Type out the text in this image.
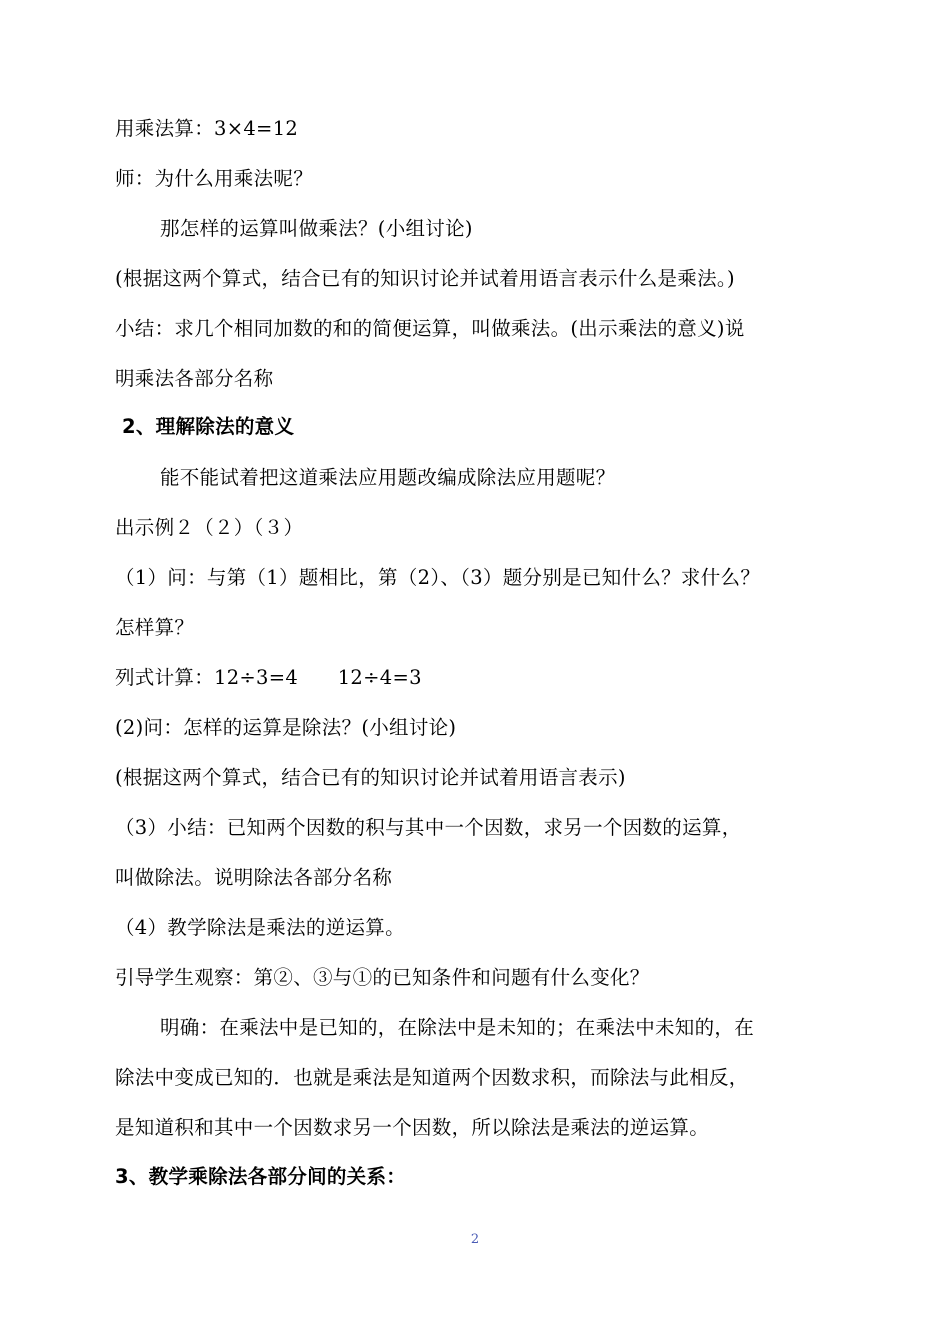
用乘法算：3×4=12
师：为什么用乘法呢？
那怎样的运算叫做乘法？(小组讨论)
(根据这两个算式，结合已有的知识讨论并试着用语言表示什么是乘法。)
小结：求几个相同加数的和的简便运算，叫做乘法。(出示乘法的意义)说
明乘法各部分名称
2、理解除法的意义
能不能试着把这道乘法应用题改编成除法应用题呢？
出示例２（２）（３）
（1）问：与第（1）题相比，第（2）、（3）题分别是已知什么？求什么？
怎样算？
列式计算：12÷3=4　　12÷4=3
(2)问：怎样的运算是除法？(小组讨论)
(根据这两个算式，结合已有的知识讨论并试着用语言表示)
（3）小结：已知两个因数的积与其中一个因数，求另一个因数的运算，
叫做除法。说明除法各部分名称
（4）教学除法是乘法的逆运算。
引导学生观察：第②、③与①的已知条件和问题有什么变化？
明确：在乘法中是已知的，在除法中是未知的；在乘法中未知的，在
除法中变成已知的．也就是乘法是知道两个因数求积，而除法与此相反，
是知道积和其中一个因数求另一个因数，所以除法是乘法的逆运算。
3、教学乘除法各部分间的关系：
2
